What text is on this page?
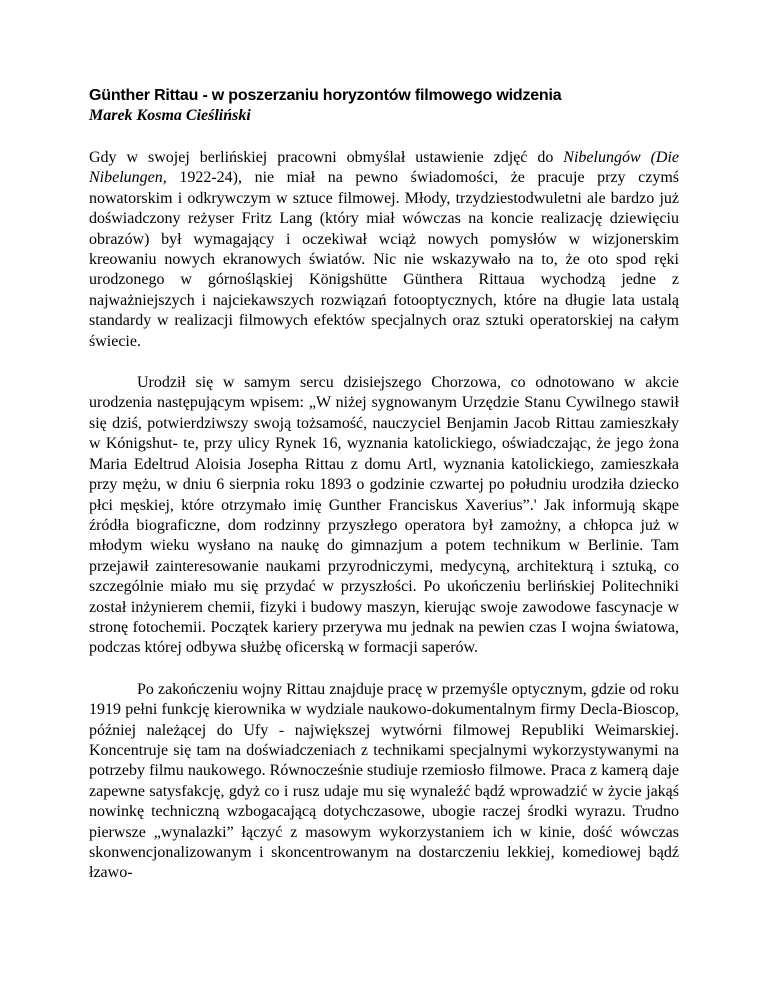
Günther Rittau - w poszerzaniu horyzontów filmowego widzenia

Marek Kosma Cieśliński

Gdy w swojej berlińskiej pracowni obmyślał ustawienie zdjęć do Nibelungów (Die Nibelungen, 1922-24), nie miał na pewno świadomości, że pracuje przy czymś nowatorskim i odkrywczym w sztuce filmowej. Młody, trzydziestodwuletni ale bardzo już doświadczony reżyser Fritz Lang (który miał wówczas na koncie realizację dziewięciu obrazów) był wymagający i oczekiwał wciąż nowych pomysłów w wizjonerskim kreowaniu nowych ekranowych światów. Nic nie wskazywało na to, że oto spod ręki urodzonego w górnośląskiej Königshütte Günthera Rittaua wychodzą jedne z najważniejszych i najciekawszych rozwiązań fotooptycznych, które na długie lata ustalą standardy w realizacji filmowych efektów specjalnych oraz sztuki operatorskiej na całym świecie.

Urodził się w samym sercu dzisiejszego Chorzowa, co odnotowano w akcie urodzenia następującym wpisem: „W niżej sygnowanym Urzędzie Stanu Cywilnego stawił się dziś, potwierdziwszy swoją tożsamość, nauczyciel Benjamin Jacob Rittau zamieszkały w Kónigshut- te, przy ulicy Rynek 16, wyznania katolickiego, oświadczając, że jego żona Maria Edeltrud Aloisia Josepha Rittau z domu Artl, wyznania katolickiego, zamieszkała przy mężu, w dniu 6 sierpnia roku 1893 o godzinie czwartej po południu urodziła dziecko płci męskiej, które otrzymało imię Gunther Franciskus Xaverius”.' Jak informują skąpe źródła biograficzne, dom rodzinny przyszłego operatora był zamożny, a chłopca już w młodym wieku wysłano na naukę do gimnazjum a potem technikum w Berlinie. Tam przejawił zainteresowanie naukami przyrodniczymi, medycyną, architekturą i sztuką, co szczególnie miało mu się przydać w przyszłości. Po ukończeniu berlińskiej Politechniki został inżynierem chemii, fizyki i budowy maszyn, kierując swoje zawodowe fascynacje w stronę fotochemii. Początek kariery przerywa mu jednak na pewien czas I wojna światowa, podczas której odbywa służbę oficerską w formacji saperów.

Po zakończeniu wojny Rittau znajduje pracę w przemyśle optycznym, gdzie od roku 1919 pełni funkcję kierownika w wydziale naukowo-dokumentalnym firmy Decla-Bioscop, później należącej do Ufy - największej wytwórni filmowej Republiki Weimarskiej. Koncentruje się tam na doświadczeniach z technikami specjalnymi wykorzystywanymi na potrzeby filmu naukowego. Równocześnie studiuje rzemiosło filmowe. Praca z kamerą daje zapewne satysfakcję, gdyż co i rusz udaje mu się wynaleźć bądź wprowadzić w życie jakąś nowinkę techniczną wzbogacającą dotychczasowe, ubogie raczej środki wyrazu. Trudno pierwsze „wynalazki” łączyć z masowym wykorzystaniem ich w kinie, dość wówczas skonwencjonalizowanym i skoncentrowanym na dostarczeniu lekkiej, komediowej bądź łzawo-
